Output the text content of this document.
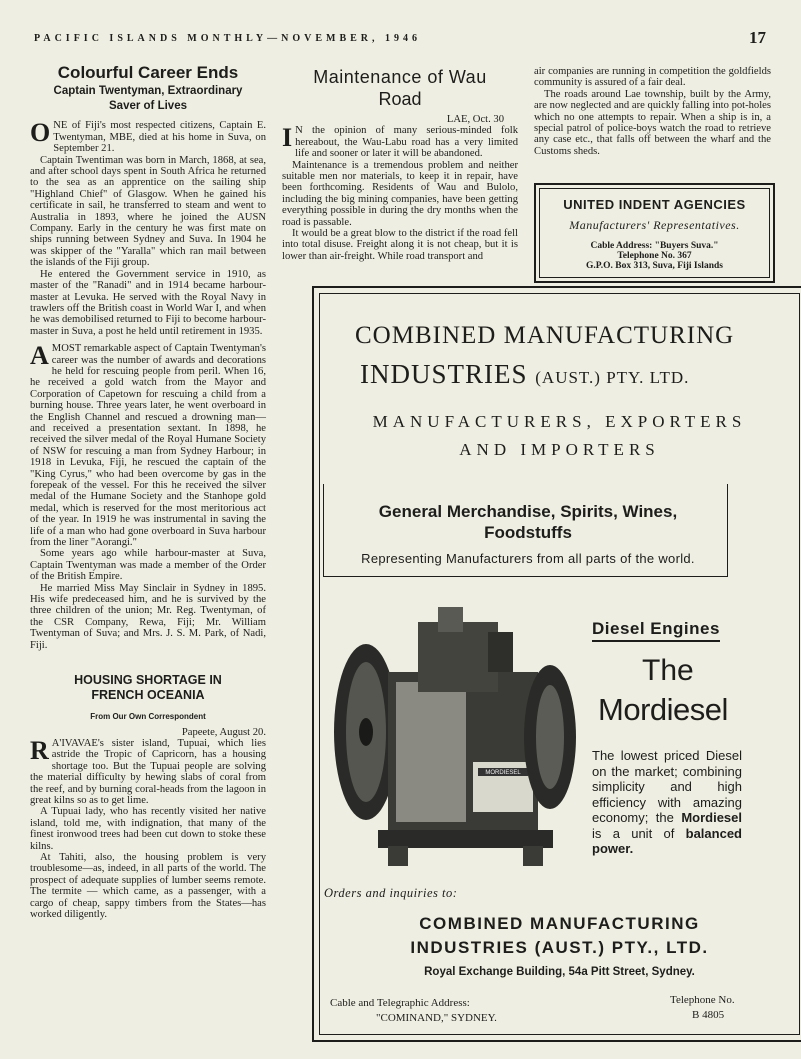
PACIFIC ISLANDS MONTHLY—NOVEMBER, 1946	17
Colourful Career Ends
Captain Twentyman, Extraordinary
Saver of Lives

ONE of Fiji's most respected citizens, Captain E. Twentyman, MBE, died at his home in Suva, on September 21.

Captain Twentiman was born in March, 1868, at sea, and after school days spent in South Africa he returned to the sea as an apprentice on the sailing ship "Highland Chief" of Glasgow. When he gained his certificate in sail, he transferred to steam and went to Australia in 1893, where he joined the AUSN Company. Early in the century he was first mate on ships running between Sydney and Suva. In 1904 he was skipper of the "Yaralla" which ran mail between the islands of the Fiji group.

He entered the Government service in 1910, as master of the "Ranadi" and in 1914 became harbour-master at Levuka. He served with the Royal Navy in trawlers off the British coast in World War I, and when he was demobilised returned to Fiji to become harbour-master in Suva, a post he held until retirement in 1935.

AMOST remarkable aspect of Captain Twentyman's career was the number of awards and decorations he held for rescuing people from peril. When 16, he received a gold watch from the Mayor and Corporation of Capetown for rescuing a child from a burning house. Three years later, he went overboard in the English Channel and rescued a drowning man—and received a presentation sextant. In 1898, he received the silver medal of the Royal Humane Society of NSW for rescuing a man from Sydney Harbour; in 1918 in Levuka, Fiji, he rescued the captain of the "King Cyrus," who had been overcome by gas in the forepeak of the vessel. For this he received the silver medal of the Humane Society and the Stanhope gold medal, which is reserved for the most meritorious act of the year. In 1919 he was instrumental in saving the life of a man who had gone overboard in Suva harbour from the liner "Aorangi."

Some years ago while harbour-master at Suva, Captain Twentyman was made a member of the Order of the British Empire.

He married Miss May Sinclair in Sydney in 1895. His wife predeceased him, and he is survived by the three children of the union; Mr. Reg. Twentyman, of the CSR Company, Rewa, Fiji; Mr. William Twentyman of Suva; and Mrs. J. S. M. Park, of Nadi, Fiji.

HOUSING SHORTAGE IN
FRENCH OCEANIA
From Our Own Correspondent

Papeete, August 20.

R A'IVAVAE's sister island, Tupuai, which lies astride the Tropic of Capricorn, has a housing shortage too. But the Tupuai people are solving the material difficulty by hewing slabs of coral from the reef, and by burning coral-heads from the lagoon in great kilns so as to get lime.

A Tupuai lady, who has recently visited her native island, told me, with indignation, that many of the finest ironwood trees had been cut down to stoke these kilns.

At Tahiti, also, the housing problem is very troublesome—as, indeed, in all parts of the world. The prospect of adequate supplies of lumber seems remote. The termite — which came, as a passenger, with a cargo of cheap, sappy timbers from the States—has worked diligently.

Maintenance of Wau
Road

LAE, Oct. 30

I N the opinion of many serious-minded folk hereabout, the Wau-Labu road has a very limited life and sooner or later it will be abandoned.

Maintenance is a tremendous problem and neither suitable men nor materials, to keep it in repair, have been forthcoming. Residents of Wau and Bulolo, including the big mining companies, have been getting everything possible in during the dry months when the road is passable.

It would be a great blow to the district if the road fell into total disuse. Freight along it is not cheap, but it is lower than air-freight. While road transport and

air companies are running in competition the goldfields community is assured of a fair deal.

The roads around Lae township, built by the Army, are now neglected and are quickly falling into pot-holes which no one attempts to repair. When a ship is in, a special patrol of police-boys watch the road to retrieve any case etc., that falls off between the wharf and the Customs sheds.

UNITED INDENT AGENCIES
Manufacturers' Representatives.
Cable Address: "Buyers Suva."
Telephone No. 367
G.P.O. Box 313, Suva, Fiji Islands
COMBINED MANUFACTURING
INDUSTRIES (AUST.) PTY. LTD.
MANUFACTURERS, EXPORTERS
AND IMPORTERS
General Merchandise, Spirits, Wines,
Foodstuffs
Representing Manufacturers from all parts of the world.
MORDIESEL
Diesel Engines
The
Mordiesel
The lowest priced Diesel on the market; combining simplicity and high efficiency with amazing economy; the Mordiesel is a unit of balanced power.
Orders and inquiries to:
COMBINED MANUFACTURING
INDUSTRIES (AUST.) PTY., LTD.
Royal Exchange Building, 54a Pitt Street, Sydney.
Cable and Telegraphic Address:
"COMINAND," SYDNEY.
Telephone No.
B 4805
